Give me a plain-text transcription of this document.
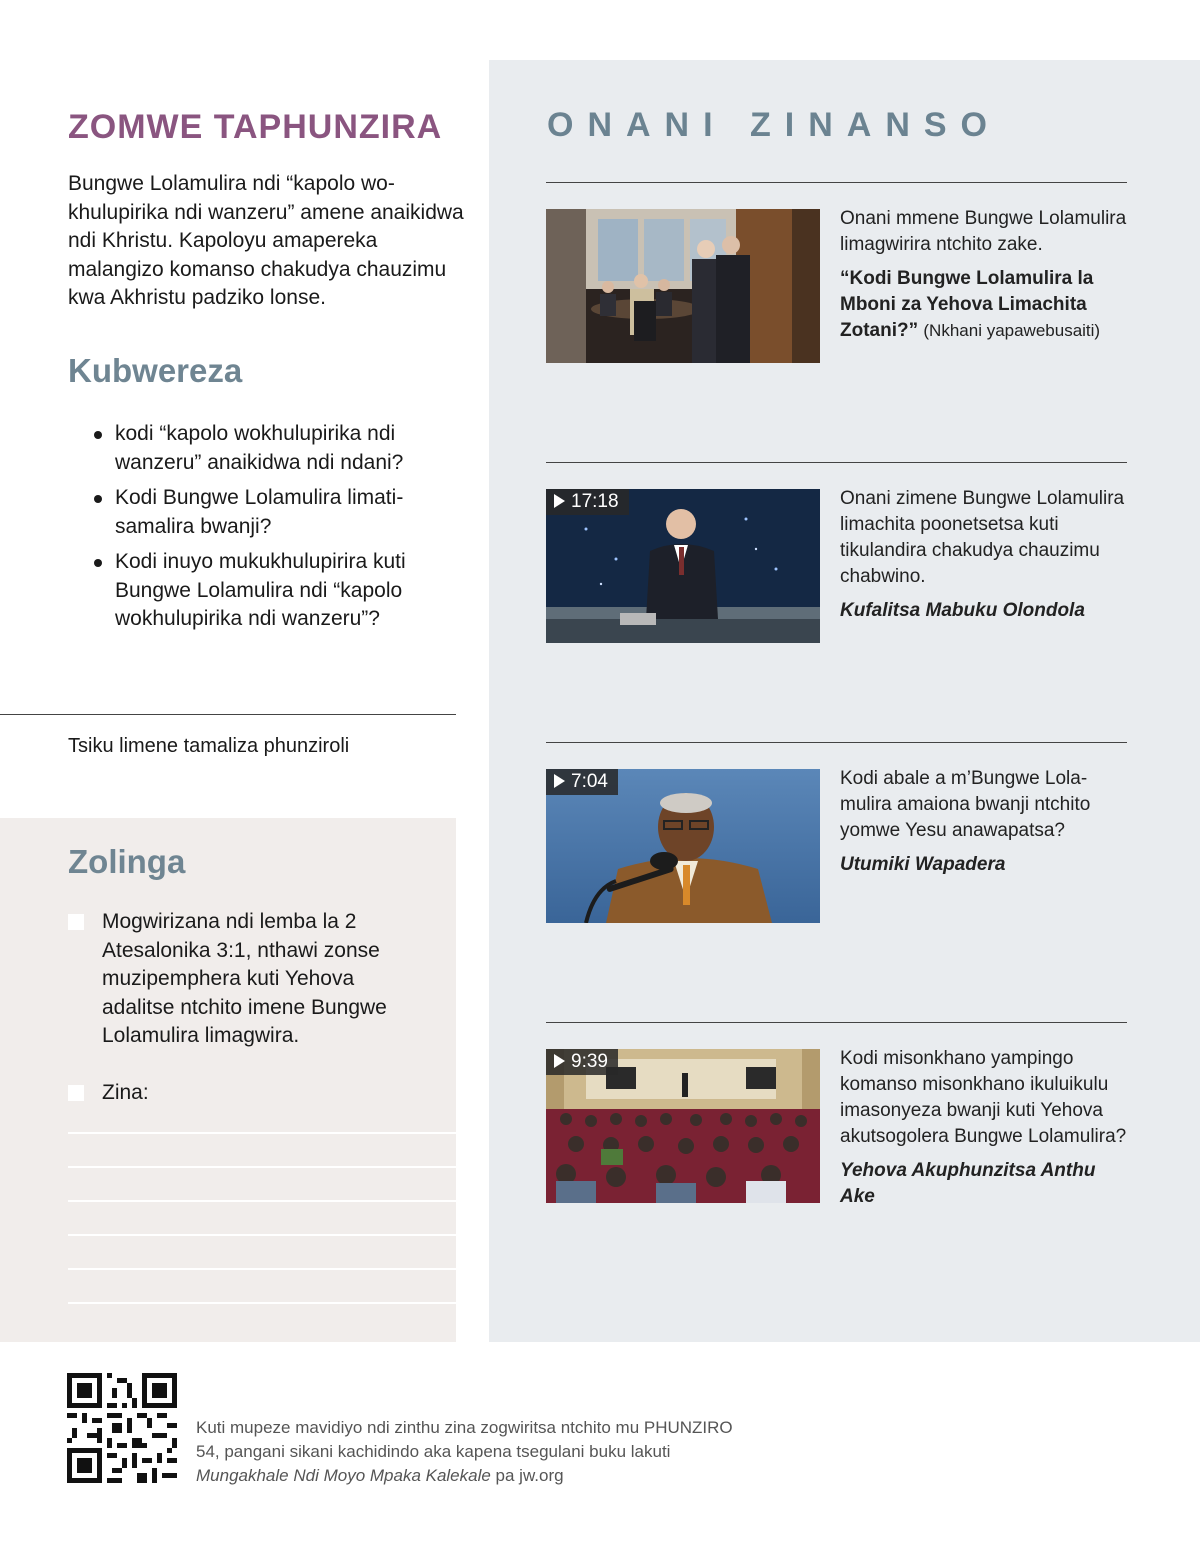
ONANI ZINANSO
Onani mmene Bungwe Lolamulira limagwirira ntchito zake.
“Kodi Bungwe Lolamulira la Mboni za Yehova Limachita Zotani?” (Nkhani yapawebusaiti)
17:18	Onani zimene Bungwe Lolamulira limachita poonetsetsa kuti tikulandira chakudya chauzimu chabwino.
Kufalitsa Mabuku Olondola
7:04	Kodi abale a m’Bungwe Lolamulira amaiona bwanji ntchito yomwe Yesu anawapatsa?
Utumiki Wapadera
9:39	Kodi misonkhano yampingo komanso misonkhano ikuluikulu imasonyeza bwanji kuti Yehova akutsogolera Bungwe Lolamulira?
Yehova Akuphunzitsa Anthu Ake
ZOMWE TAPHUNZIRA
Bungwe Lolamulira ndi “kapolo wokhulupirika ndi wanzeru” amene anaikidwa ndi Khristu. Kapoloyu amapereka malangizo komanso chakudya chauzimu kwa Akhristu padziko lonse.
Kubwereza
kodi “kapolo wokhulupirika ndi wanzeru” anaikidwa ndi ndani?
Kodi Bungwe Lolamulira limatisamalira bwanji?
Kodi inuyo mukukhulupirira kuti Bungwe Lolamulira ndi “kapolo wokhulupirika ndi wanzeru”?
Tsiku limene tamaliza phunziroli
Zolinga
Mogwirizana ndi lemba la 2 Atesalonika 3:1, nthawi zonse muzipemphera kuti Yehova adalitse ntchito imene Bungwe Lolamulira limagwira.
Zina:
Kuti mupeze mavidiyo ndi zinthu zina zogwiritsa ntchito mu PHUNZIRO 54, pangani sikani kachidindo aka kapena tsegulani buku lakuti Mungakhale Ndi Moyo Mpaka Kalekale pa jw.org
